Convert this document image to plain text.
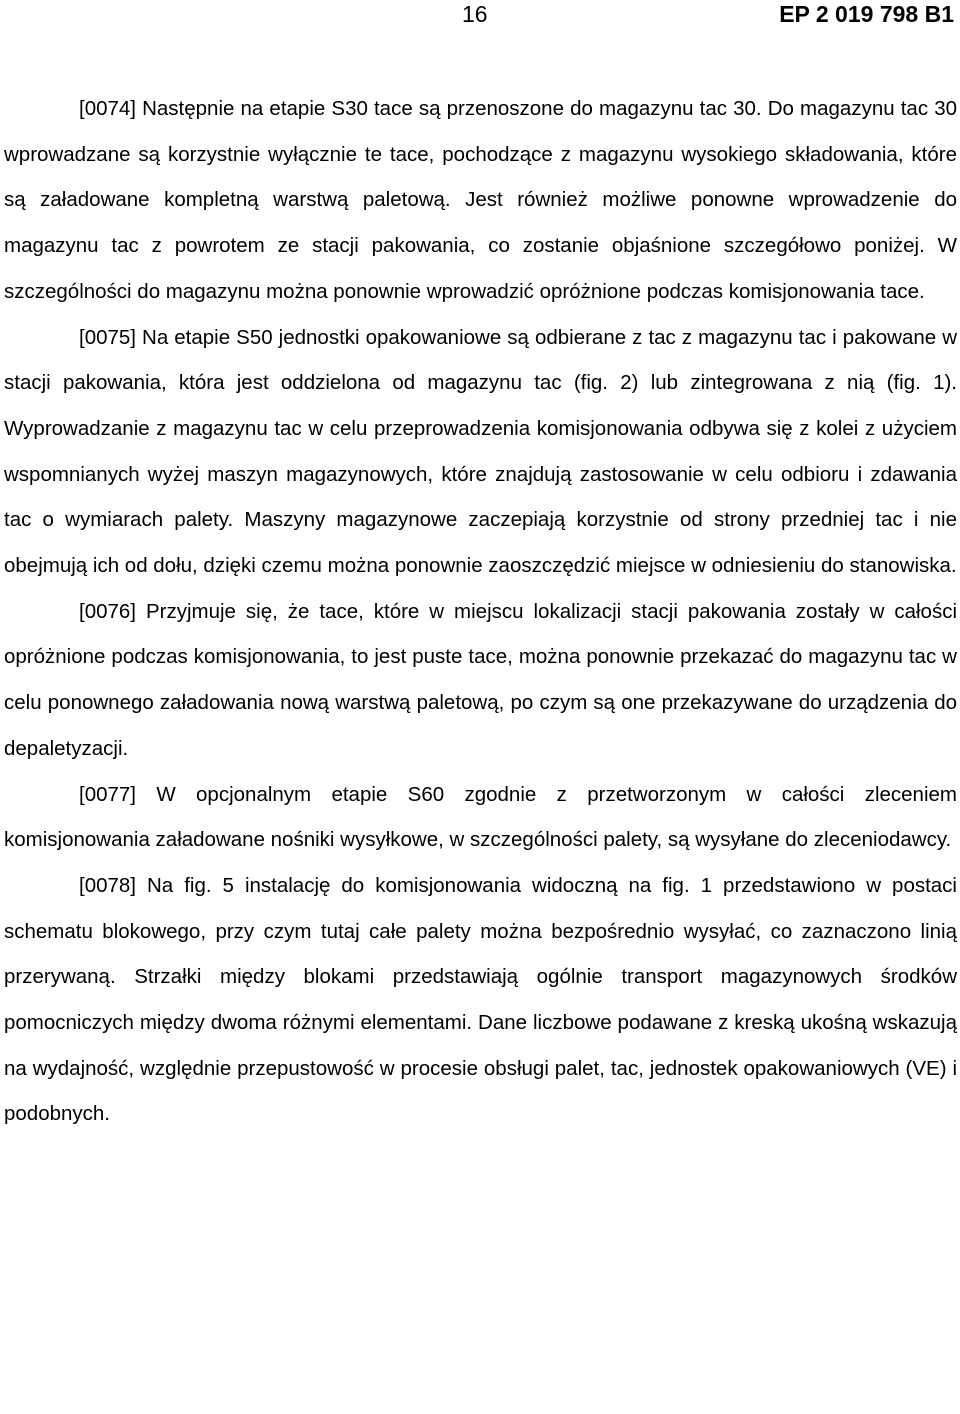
16	EP 2 019 798 B1

[0074] Następnie na etapie S30 tace są przenoszone do magazynu tac 30. Do magazynu tac 30 wprowadzane są korzystnie wyłącznie te tace, pochodzące z magazynu wysokiego składowania, które są załadowane kompletną warstwą paletową. Jest również możliwe ponowne wprowadzenie do magazynu tac z powrotem ze stacji pakowania, co zostanie objaśnione szczegółowo poniżej. W szczególności do magazynu można ponownie wprowadzić opróżnione podczas komisjonowania tace.

[0075] Na etapie S50 jednostki opakowaniowe są odbierane z tac z magazynu tac i pakowane w stacji pakowania, która jest oddzielona od magazynu tac (fig. 2) lub zintegrowana z nią (fig. 1). Wyprowadzanie z magazynu tac w celu przeprowadzenia komisjonowania odbywa się z kolei z użyciem wspomnianych wyżej maszyn magazynowych, które znajdują zastosowanie w celu odbioru i zdawania tac o wymiarach palety. Maszyny magazynowe zaczepiają korzystnie od strony przedniej tac i nie obejmują ich od dołu, dzięki czemu można ponownie zaoszczędzić miejsce w odniesieniu do stanowiska.

[0076] Przyjmuje się, że tace, które w miejscu lokalizacji stacji pakowania zostały w całości opróżnione podczas komisjonowania, to jest puste tace, można ponownie przekazać do magazynu tac w celu ponownego załadowania nową warstwą paletową, po czym są one przekazywane do urządzenia do depaletyzacji.

[0077] W opcjonalnym etapie S60 zgodnie z przetworzonym w całości zleceniem komisjonowania załadowane nośniki wysyłkowe, w szczególności palety, są wysyłane do zleceniodawcy.

[0078] Na fig. 5 instalację do komisjonowania widoczną na fig. 1 przedstawiono w postaci schematu blokowego, przy czym tutaj całe palety można bezpośrednio wysyłać, co zaznaczono linią przerywaną. Strzałki między blokami przedstawiają ogólnie transport magazynowych środków pomocniczych między dwoma różnymi elementami. Dane liczbowe podawane z kreską ukośną wskazują na wydajność, względnie przepustowość w procesie obsługi palet, tac, jednostek opakowaniowych (VE) i podobnych.
